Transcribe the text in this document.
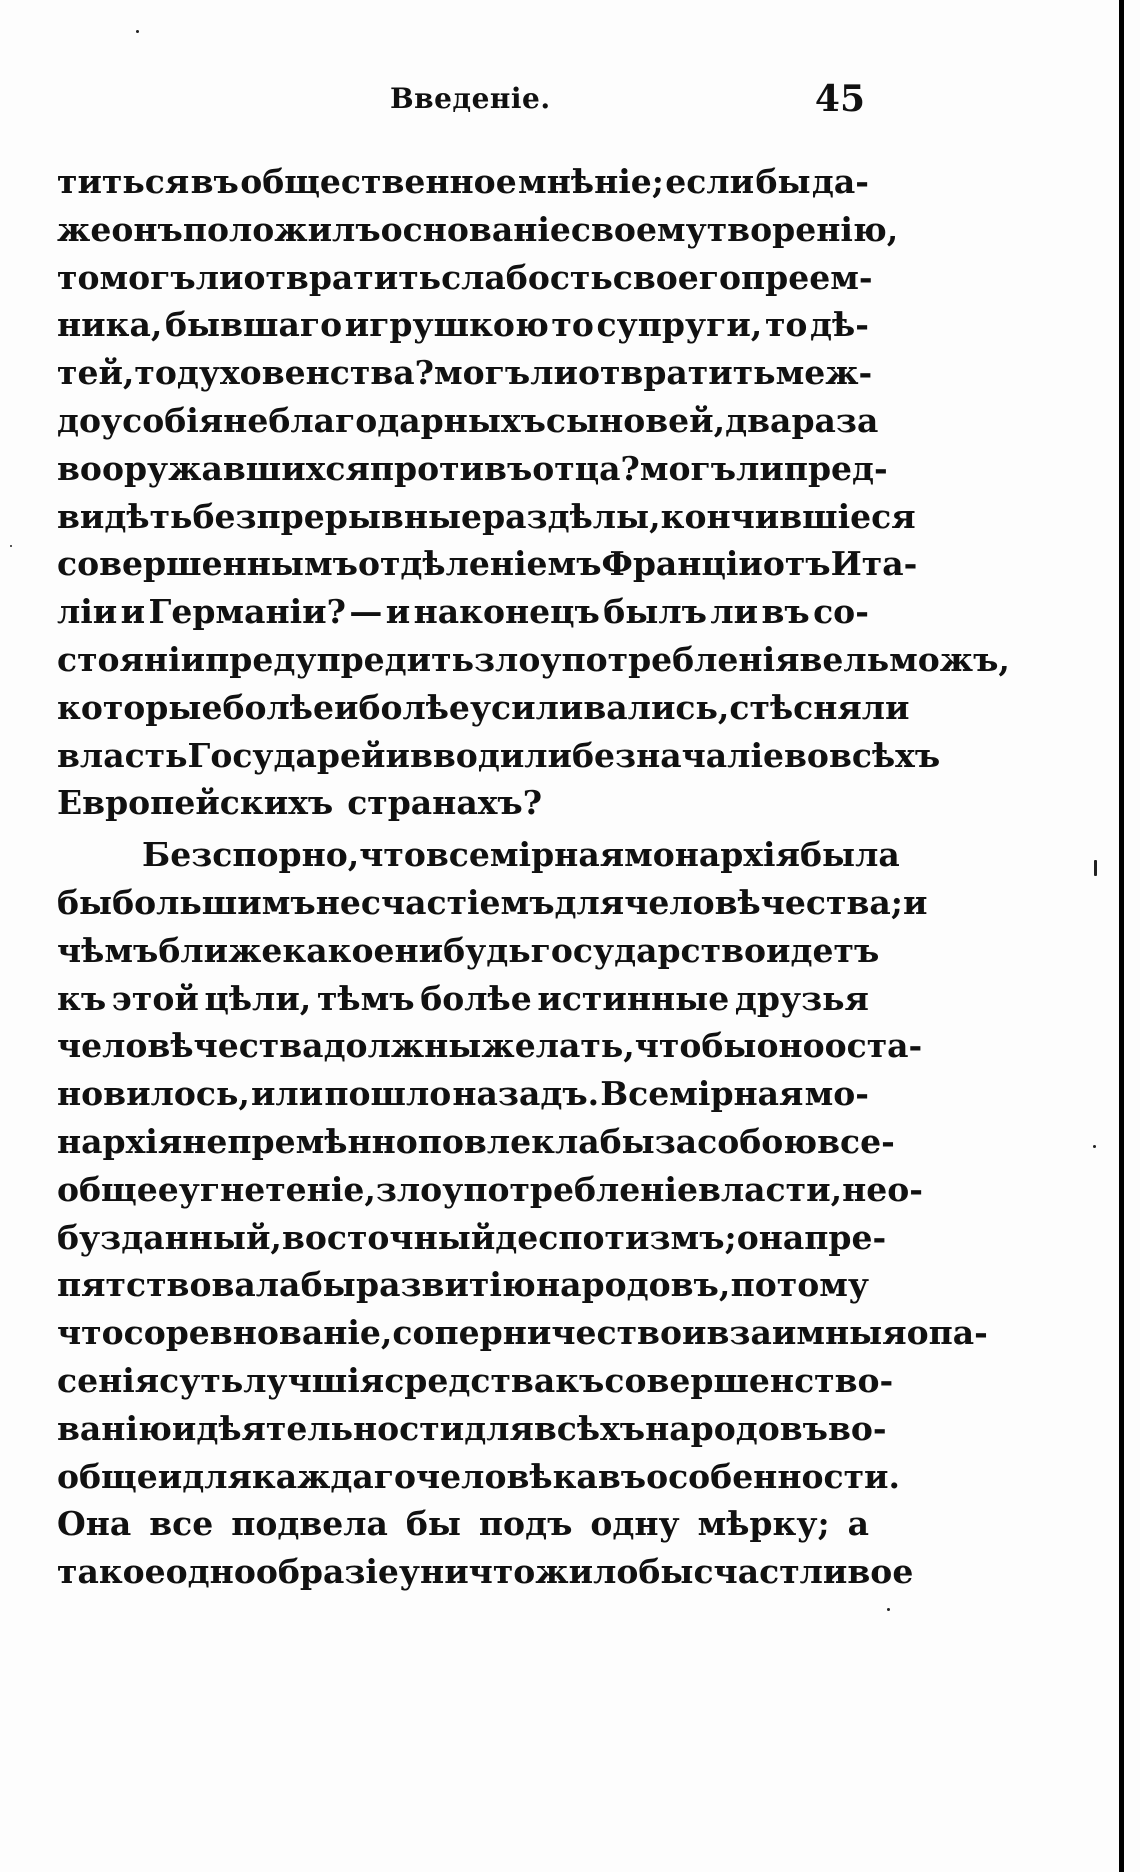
Введеніе.	45
титься въ общественное мнѣніе; если бы да-
же онъ положилъ основаніе своему творенію,
то могъ ли отвратить слабость своего преем-
ника, бывшаго игрушкою то супруги, то дѣ-
тей, то духовенства? могъ ли отвратить меж-
доусобія неблагодарныхъ сыновей, два раза
вооружавшихся противъ отца? могъ ли пред-
видѣть безпрерывные раздѣлы, кончившіеся
совершеннымъ отдѣленіемъ Франціи отъ Ита-
ліи и Германіи? — и наконецъ былъ ли въ со-
стояніи предупредить злоупотребленія вельможъ,
которые болѣе и болѣе усиливались, стѣсняли
власть Государей и вводили безначаліе во всѣхъ
Европейскихъ странахъ?
Безспорно, что всемірная монархія была
бы большимъ несчастіемъ для человѣчества; и
чѣмъ ближе какое нибудь государство идетъ
къ этой цѣли, тѣмъ болѣе истинные друзья
человѣчества должны желать, чтобы оно оста-
новилось, или пошло назадъ. Всемірная мо-
нархія непремѣнно повлекла бы за собою все-
общее угнетеніе, злоупотребленіе власти, нео-
бузданный, восточный деспотизмъ; она пре-
пятствовала бы развитію народовъ, потому
что соревнованіе, соперничество и взаимныя опа-
сенія суть лучшія средства къ совершенство-
ванію и дѣятельности для всѣхъ народовъ во-
обще и для каждаго человѣка въ особенности.
Она все подвела бы подъ одну мѣрку; а
такое однообразіе уничтожило бы счастливое
